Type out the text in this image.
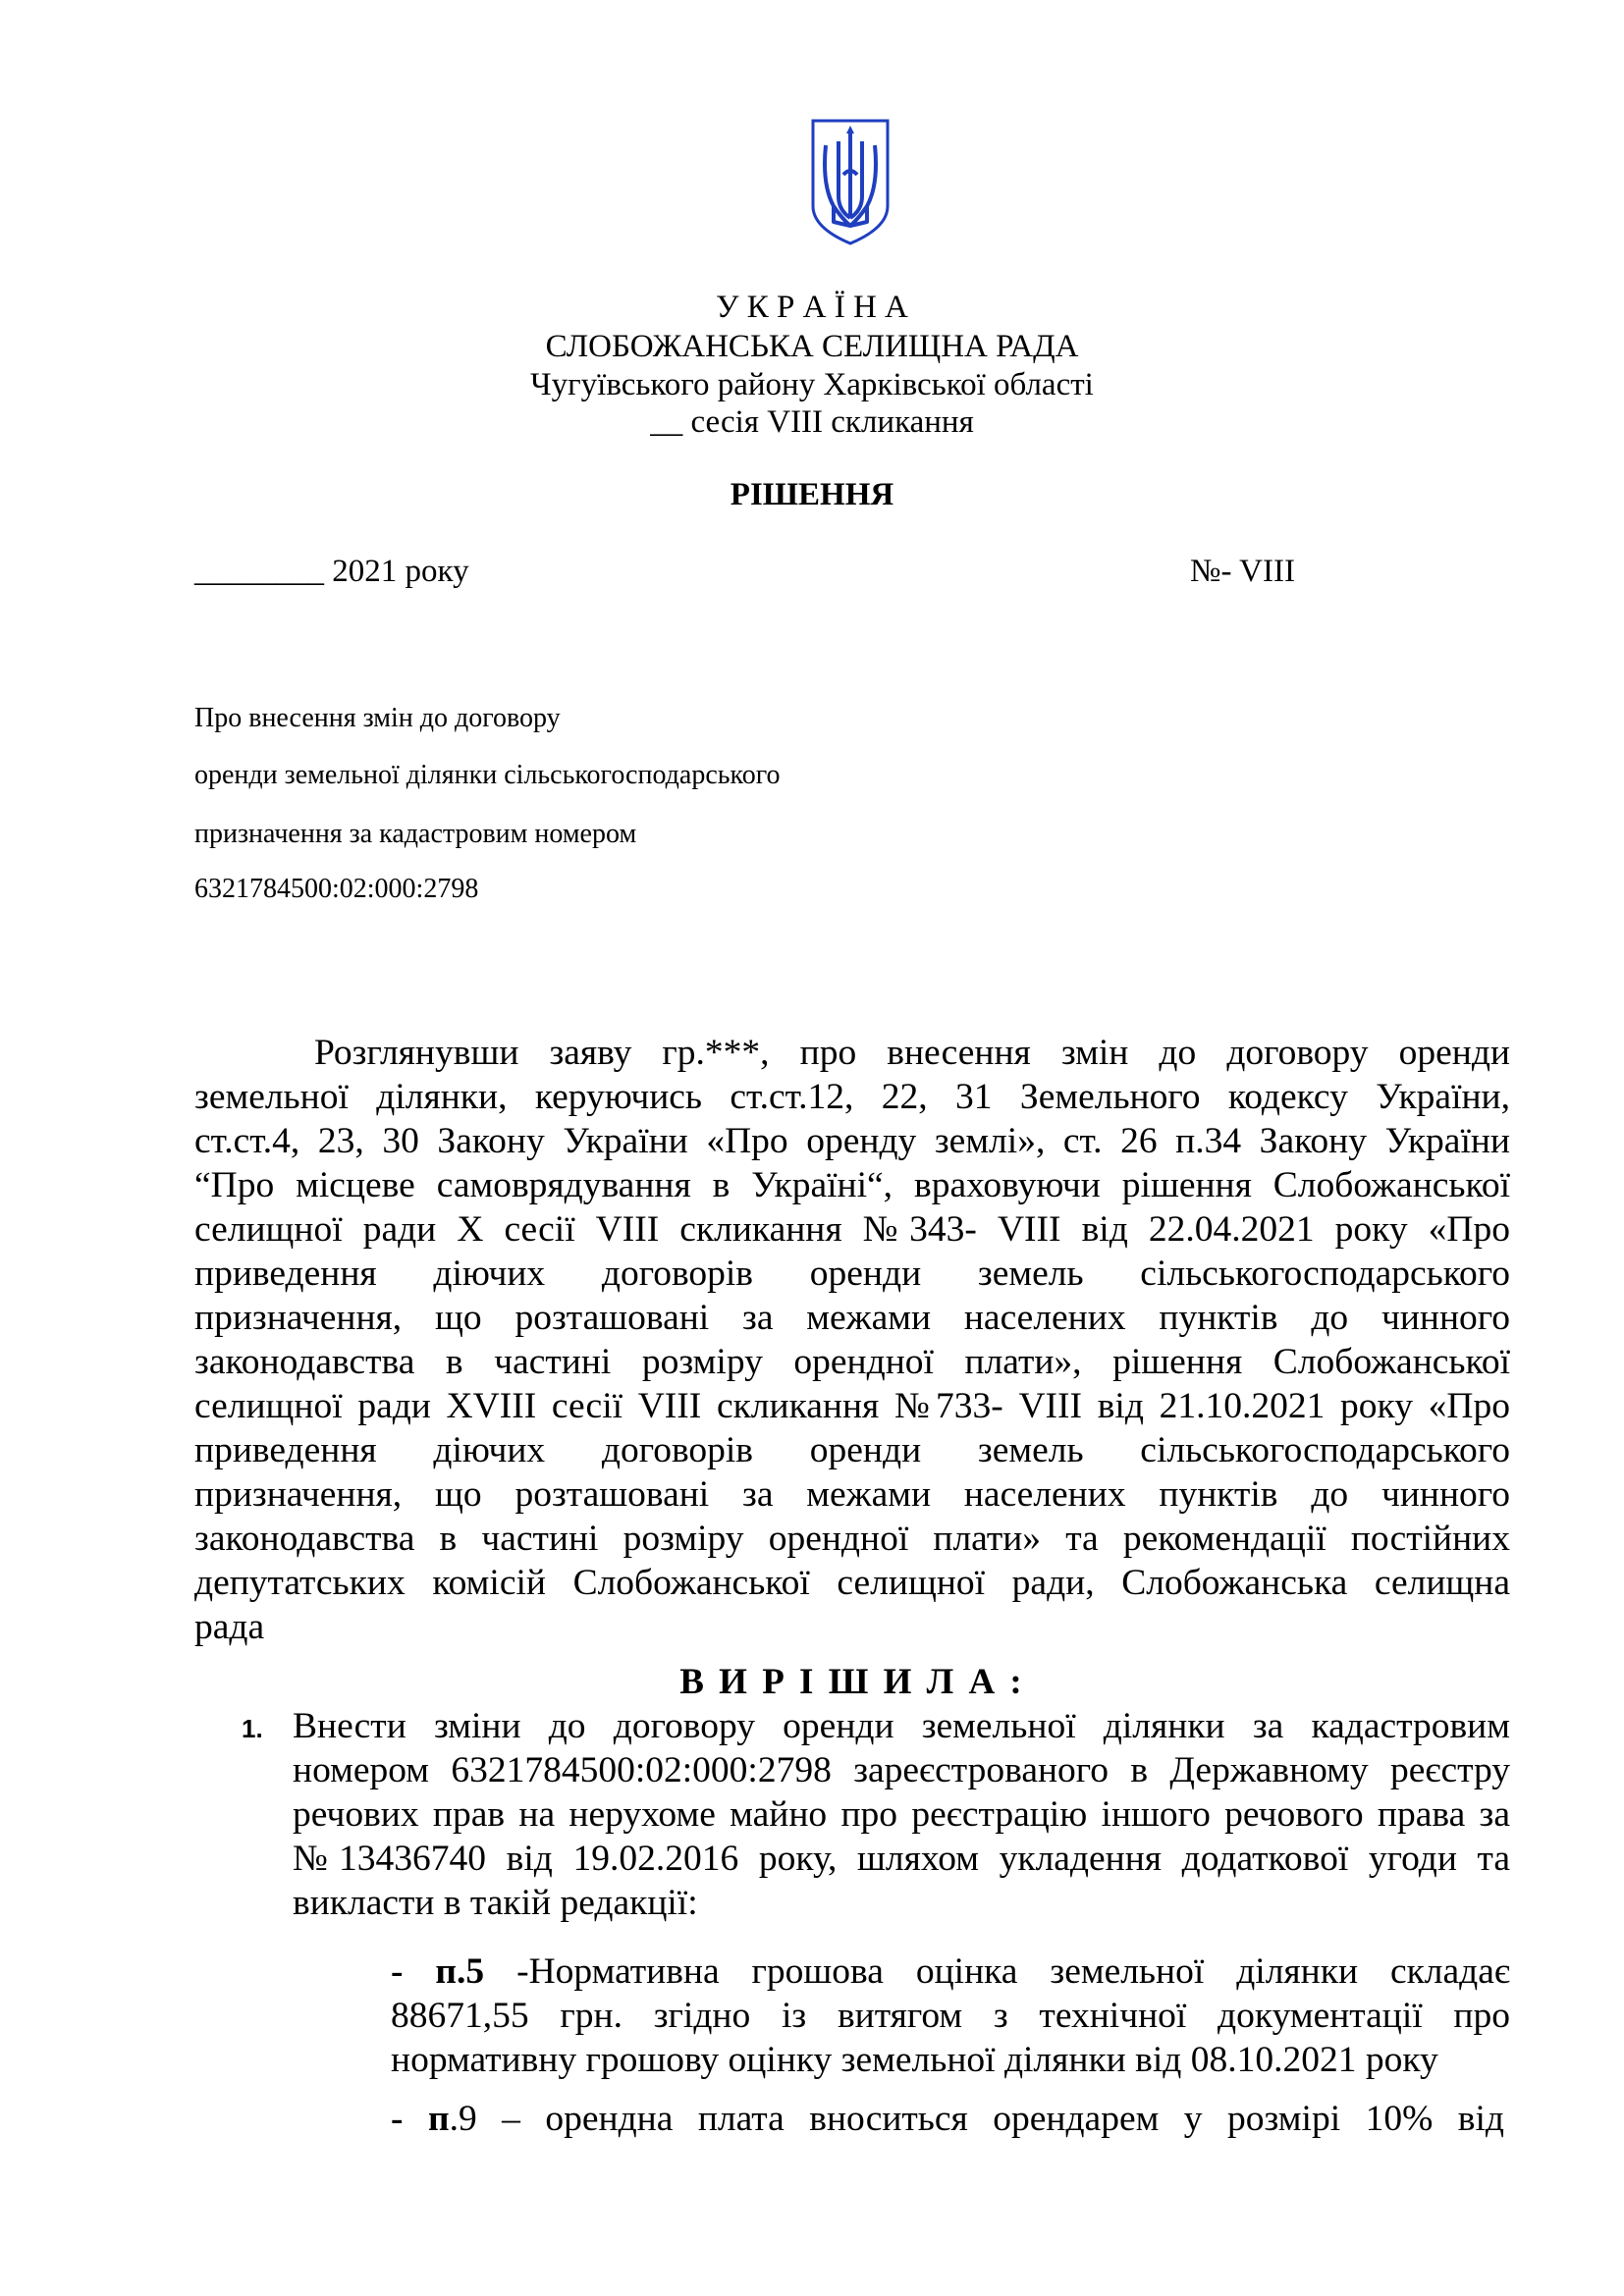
У К Р А Ї Н А
СЛОБОЖАНСЬКА СЕЛИЩНА РАДА
Чугуївського району Харківської області
__ сесія VIII скликання
РІШЕННЯ
________ 2021 року	№- VIII
Про внесення змін до договору
оренди земельної ділянки сільськогосподарського
призначення за кадастровим номером
6321784500:02:000:2798
Розглянувши заяву гр.***, про внесення змін до договору оренди
земельної ділянки, керуючись ст.ст.12, 22, 31 Земельного кодексу України,
ст.ст.4, 23, 30 Закону України «Про оренду землі», ст. 26 п.34 Закону України
“Про місцеве самоврядування в Україні“, враховуючи рішення Слобожанської
селищної ради Х сесії VІІІ скликання №343- VІІІ від 22.04.2021 року «Про
приведення діючих договорів оренди земель сільськогосподарського
призначення, що розташовані за межами населених пунктів до чинного
законодавства в частині розміру орендної плати», рішення Слобожанської
селищної ради ХVІІІ сесії VІІІ скликання №733- VІІІ від 21.10.2021 року «Про
приведення діючих договорів оренди земель сільськогосподарського
призначення, що розташовані за межами населених пунктів до чинного
законодавства в частині розміру орендної плати» та рекомендації постійних
депутатських комісій Слобожанської селищної ради, Слобожанська селищна
рада
В И Р І Ш И Л А :
1. Внести зміни до договору оренди земельної ділянки за кадастровим
номером 6321784500:02:000:2798 зареєстрованого в Державному реєстру
речових прав на нерухоме майно про реєстрацію іншого речового права за
№13436740 від 19.02.2016 року, шляхом укладення додаткової угоди та
викласти в такій редакції:
- п.5 -Нормативна грошова оцінка земельної ділянки складає
88671,55 грн. згідно із витягом з технічної документації про
нормативну грошову оцінку земельної ділянки від 08.10.2021 року
- п.9 – орендна плата вноситься орендарем у розмірі 10% від
